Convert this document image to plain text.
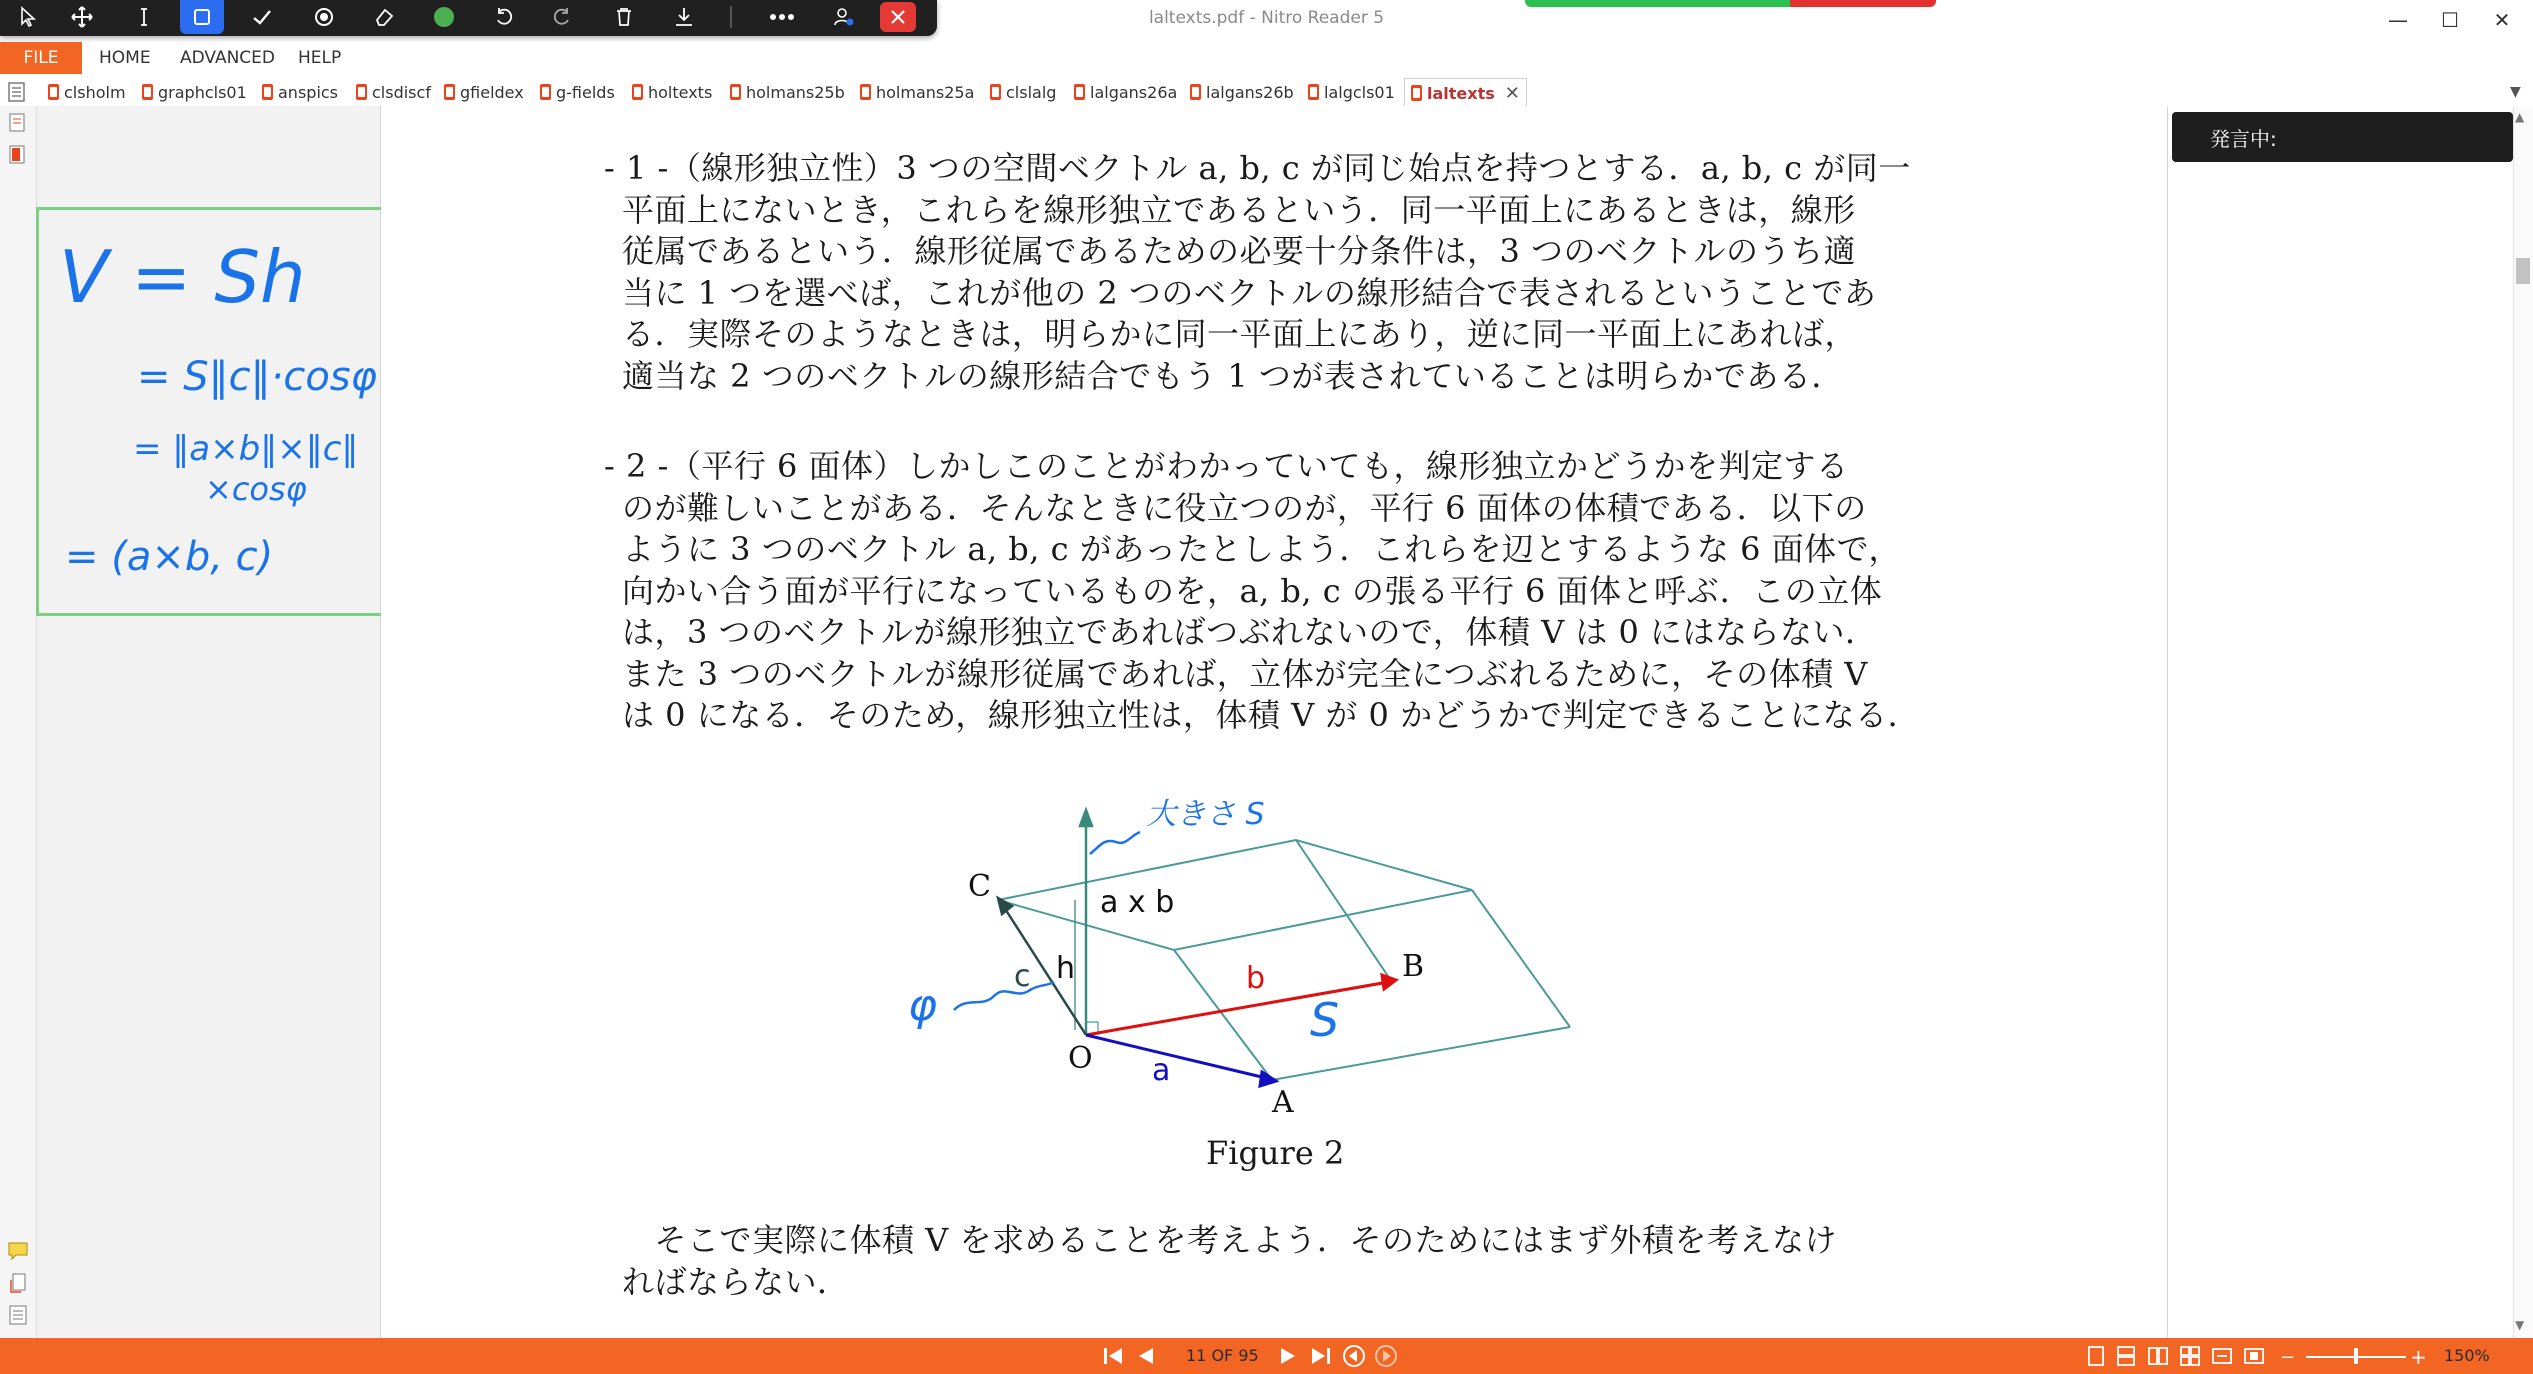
laltexts.pdf - Nitro Reader 5	—	☐	✕
FILE	HOME ADVANCED HELP
clsholm graphcls01 anspics clsdiscf gfieldex g-fields holtexts holmans25b holmans25a clslalg lalgans26a lalgans26b lalgcls01 laltexts ✕	▼
V = Sh
= S‖c‖·cosφ
= ‖a×b‖×‖c‖
×cosφ
= (a×b, c)
- 1 -（線形独立性）3 つの空間ベクトル a, b, c が同じ始点を持つとする．a, b, c が同一
平面上にないとき，これらを線形独立であるという．同一平面上にあるときは，線形
従属であるという．線形従属であるための必要十分条件は，3 つのベクトルのうち適
当に 1 つを選べば，これが他の 2 つのベクトルの線形結合で表されるということであ
る．実際そのようなときは，明らかに同一平面上にあり，逆に同一平面上にあれば，
適当な 2 つのベクトルの線形結合でもう 1 つが表されていることは明らかである．
- 2 -（平行 6 面体）しかしこのことがわかっていても，線形独立かどうかを判定する
のが難しいことがある．そんなときに役立つのが，平行 6 面体の体積である．以下の
ように 3 つのベクトル a, b, c があったとしよう．これらを辺とするような 6 面体で，
向かい合う面が平行になっているものを，a, b, c の張る平行 6 面体と呼ぶ．この立体
は，3 つのベクトルが線形独立であればつぶれないので，体積 V は 0 にはならない．
また 3 つのベクトルが線形従属であれば，立体が完全につぶれるために，その体積 V
は 0 になる．そのため，線形独立性は，体積 V が 0 かどうかで判定できることになる．
C
B
O
A
a x b
h
c	b
a
大きさ S
S
φ
Figure 2
　そこで実際に体積 V を求めることを考えよう．そのためにはまず外積を考えなけ
ればならない．
発言中:
▲
▼
11 OF 95	−	+ 150%
